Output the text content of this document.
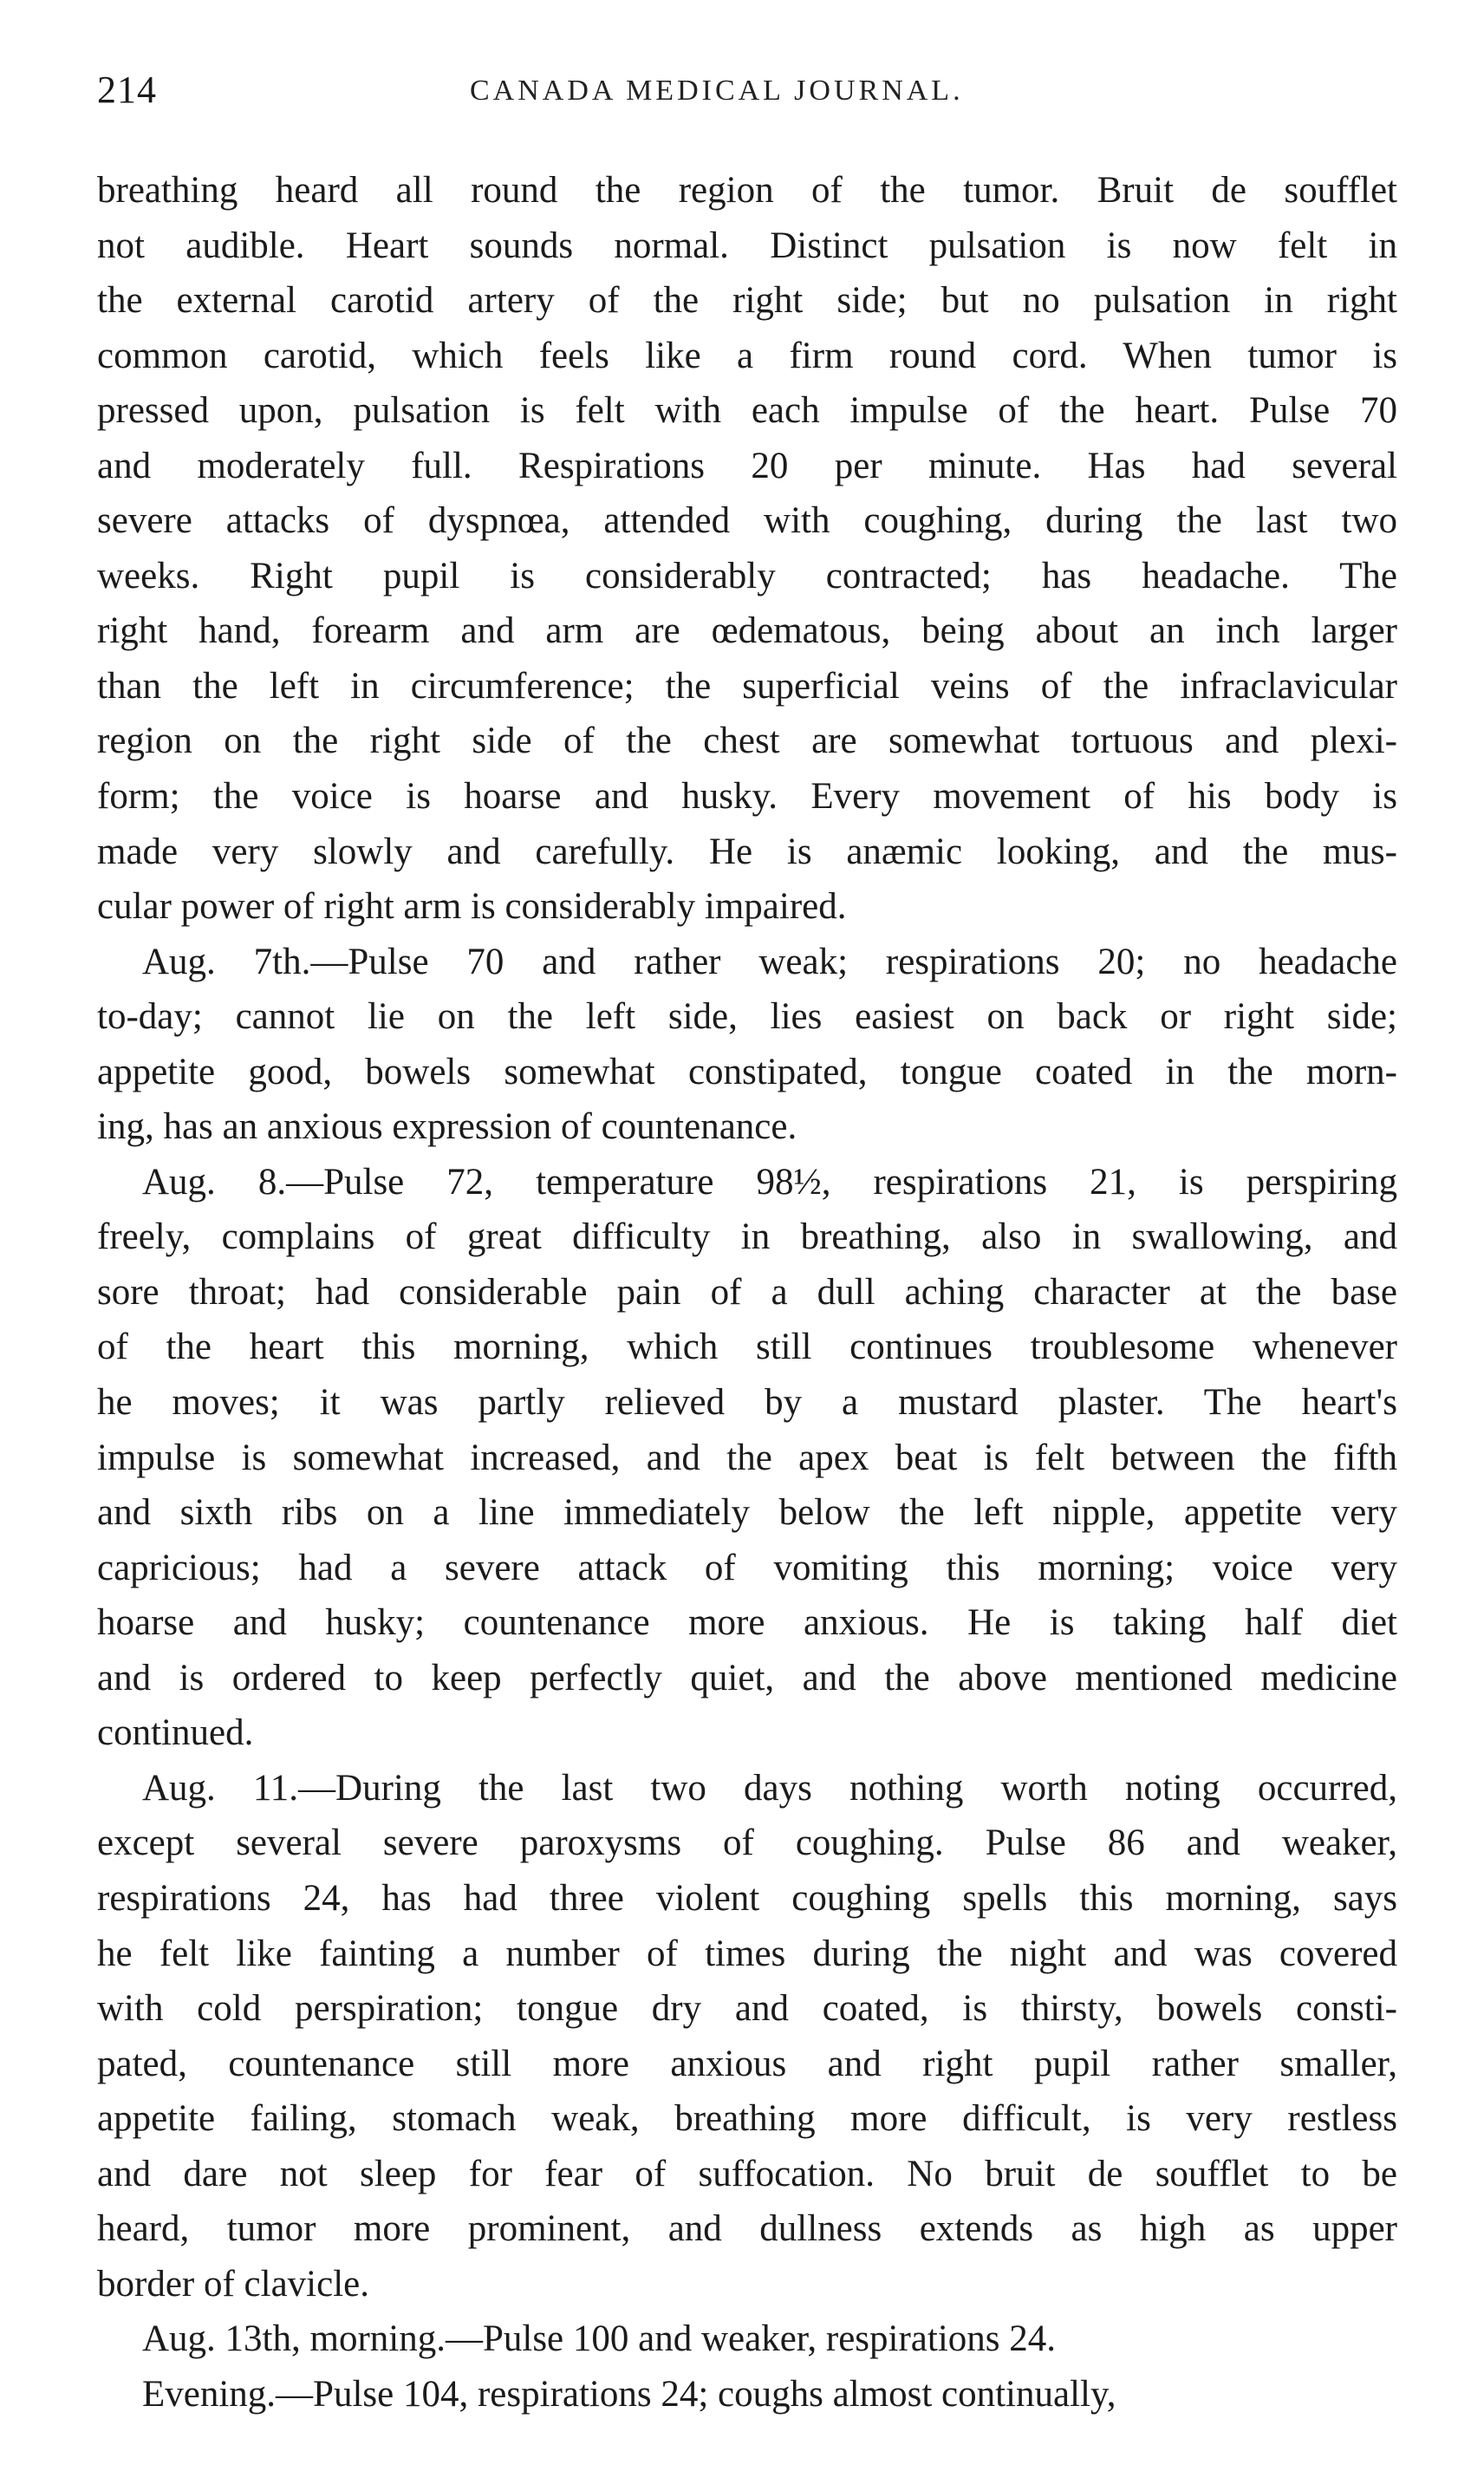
214	CANADA MEDICAL JOURNAL.
breathing heard all round the region of the tumor. Bruit de soufflet
not audible. Heart sounds normal. Distinct pulsation is now felt in
the external carotid artery of the right side; but no pulsation in right
common carotid, which feels like a firm round cord. When tumor is
pressed upon, pulsation is felt with each impulse of the heart. Pulse 70
and moderately full. Respirations 20 per minute. Has had several
severe attacks of dyspnœa, attended with coughing, during the last two
weeks. Right pupil is considerably contracted; has headache. The
right hand, forearm and arm are œdematous, being about an inch larger
than the left in circumference; the superficial veins of the infraclavicular
region on the right side of the chest are somewhat tortuous and plexi-
form; the voice is hoarse and husky. Every movement of his body is
made very slowly and carefully. He is anæmic looking, and the mus-
cular power of right arm is considerably impaired.
Aug. 7th.—Pulse 70 and rather weak; respirations 20; no headache
to-day; cannot lie on the left side, lies easiest on back or right side;
appetite good, bowels somewhat constipated, tongue coated in the morn-
ing, has an anxious expression of countenance.
Aug. 8.—Pulse 72, temperature 98½, respirations 21, is perspiring
freely, complains of great difficulty in breathing, also in swallowing, and
sore throat; had considerable pain of a dull aching character at the base
of the heart this morning, which still continues troublesome whenever
he moves; it was partly relieved by a mustard plaster. The heart's
impulse is somewhat increased, and the apex beat is felt between the fifth
and sixth ribs on a line immediately below the left nipple, appetite very
capricious; had a severe attack of vomiting this morning; voice very
hoarse and husky; countenance more anxious. He is taking half diet
and is ordered to keep perfectly quiet, and the above mentioned medicine
continued.
Aug. 11.—During the last two days nothing worth noting occurred,
except several severe paroxysms of coughing. Pulse 86 and weaker,
respirations 24, has had three violent coughing spells this morning, says
he felt like fainting a number of times during the night and was covered
with cold perspiration; tongue dry and coated, is thirsty, bowels consti-
pated, countenance still more anxious and right pupil rather smaller,
appetite failing, stomach weak, breathing more difficult, is very restless
and dare not sleep for fear of suffocation. No bruit de soufflet to be
heard, tumor more prominent, and dullness extends as high as upper
border of clavicle.
Aug. 13th, morning.—Pulse 100 and weaker, respirations 24.
Evening.—Pulse 104, respirations 24; coughs almost continually,
